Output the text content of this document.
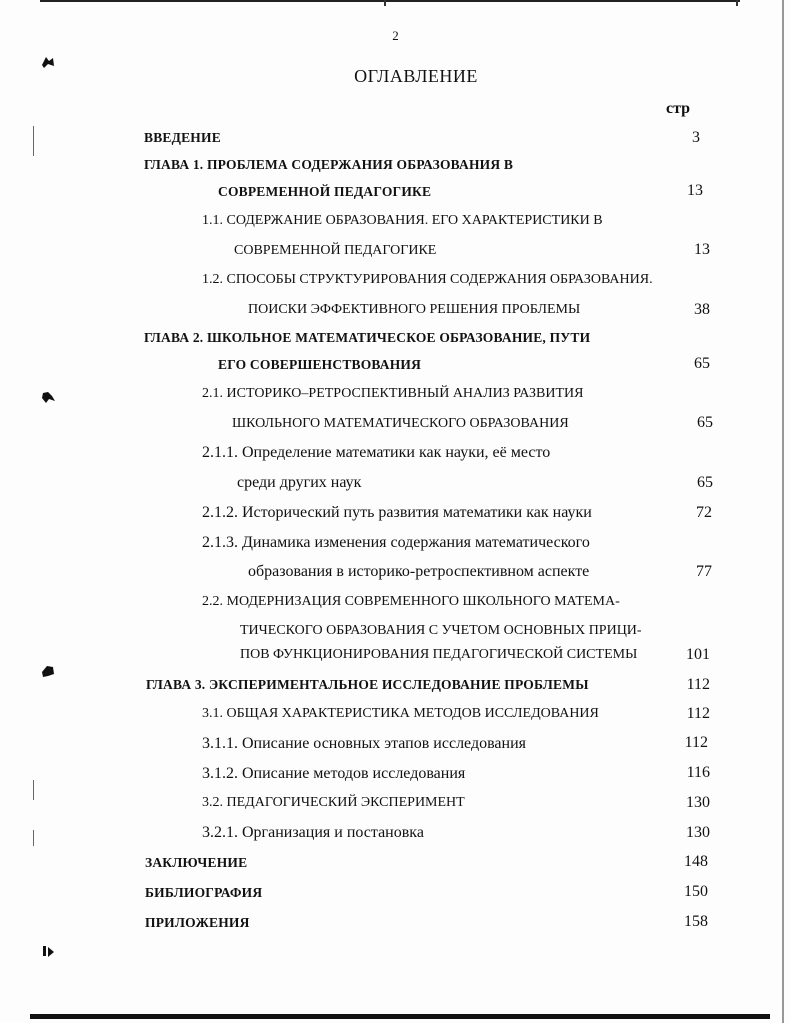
2
ОГЛАВЛЕНИЕ
стр
ВВЕДЕНИЕ	3
ГЛАВА 1. ПРОБЛЕМА СОДЕРЖАНИЯ ОБРАЗОВАНИЯ В
СОВРЕМЕННОЙ ПЕДАГОГИКЕ	13
1.1. СОДЕРЖАНИЕ ОБРАЗОВАНИЯ. ЕГО ХАРАКТЕРИСТИКИ В
СОВРЕМЕННОЙ ПЕДАГОГИКЕ	13
1.2. СПОСОБЫ СТРУКТУРИРОВАНИЯ СОДЕРЖАНИЯ ОБРАЗОВАНИЯ.
ПОИСКИ ЭФФЕКТИВНОГО РЕШЕНИЯ ПРОБЛЕМЫ	38
ГЛАВА 2. ШКОЛЬНОЕ МАТЕМАТИЧЕСКОЕ ОБРАЗОВАНИЕ, ПУТИ
ЕГО СОВЕРШЕНСТВОВАНИЯ	65
2.1. ИСТОРИКО–РЕТРОСПЕКТИВНЫЙ АНАЛИЗ РАЗВИТИЯ
ШКОЛЬНОГО МАТЕМАТИЧЕСКОГО ОБРАЗОВАНИЯ	65
2.1.1. Определение математики как науки, её место
среди других наук	65
2.1.2. Исторический путь развития математики как науки	72
2.1.3. Динамика изменения содержания математического
образования в историко-ретроспективном аспекте	77
2.2. МОДЕРНИЗАЦИЯ СОВРЕМЕННОГО ШКОЛЬНОГО МАТЕМА-
ТИЧЕСКОГО ОБРАЗОВАНИЯ С УЧЕТОМ ОСНОВНЫХ ПРИЦИ-
ПОВ ФУНКЦИОНИРОВАНИЯ ПЕДАГОГИЧЕСКОЙ СИСТЕМЫ	101
ГЛАВА 3. ЭКСПЕРИМЕНТАЛЬНОЕ ИССЛЕДОВАНИЕ ПРОБЛЕМЫ	112
3.1. ОБЩАЯ ХАРАКТЕРИСТИКА МЕТОДОВ ИССЛЕДОВАНИЯ	112
3.1.1. Описание основных этапов исследования	112
3.1.2. Описание методов исследования	116
3.2. ПЕДАГОГИЧЕСКИЙ ЭКСПЕРИМЕНТ	130
3.2.1. Организация и постановка	130
ЗАКЛЮЧЕНИЕ	148
БИБЛИОГРАФИЯ	150
ПРИЛОЖЕНИЯ	158
